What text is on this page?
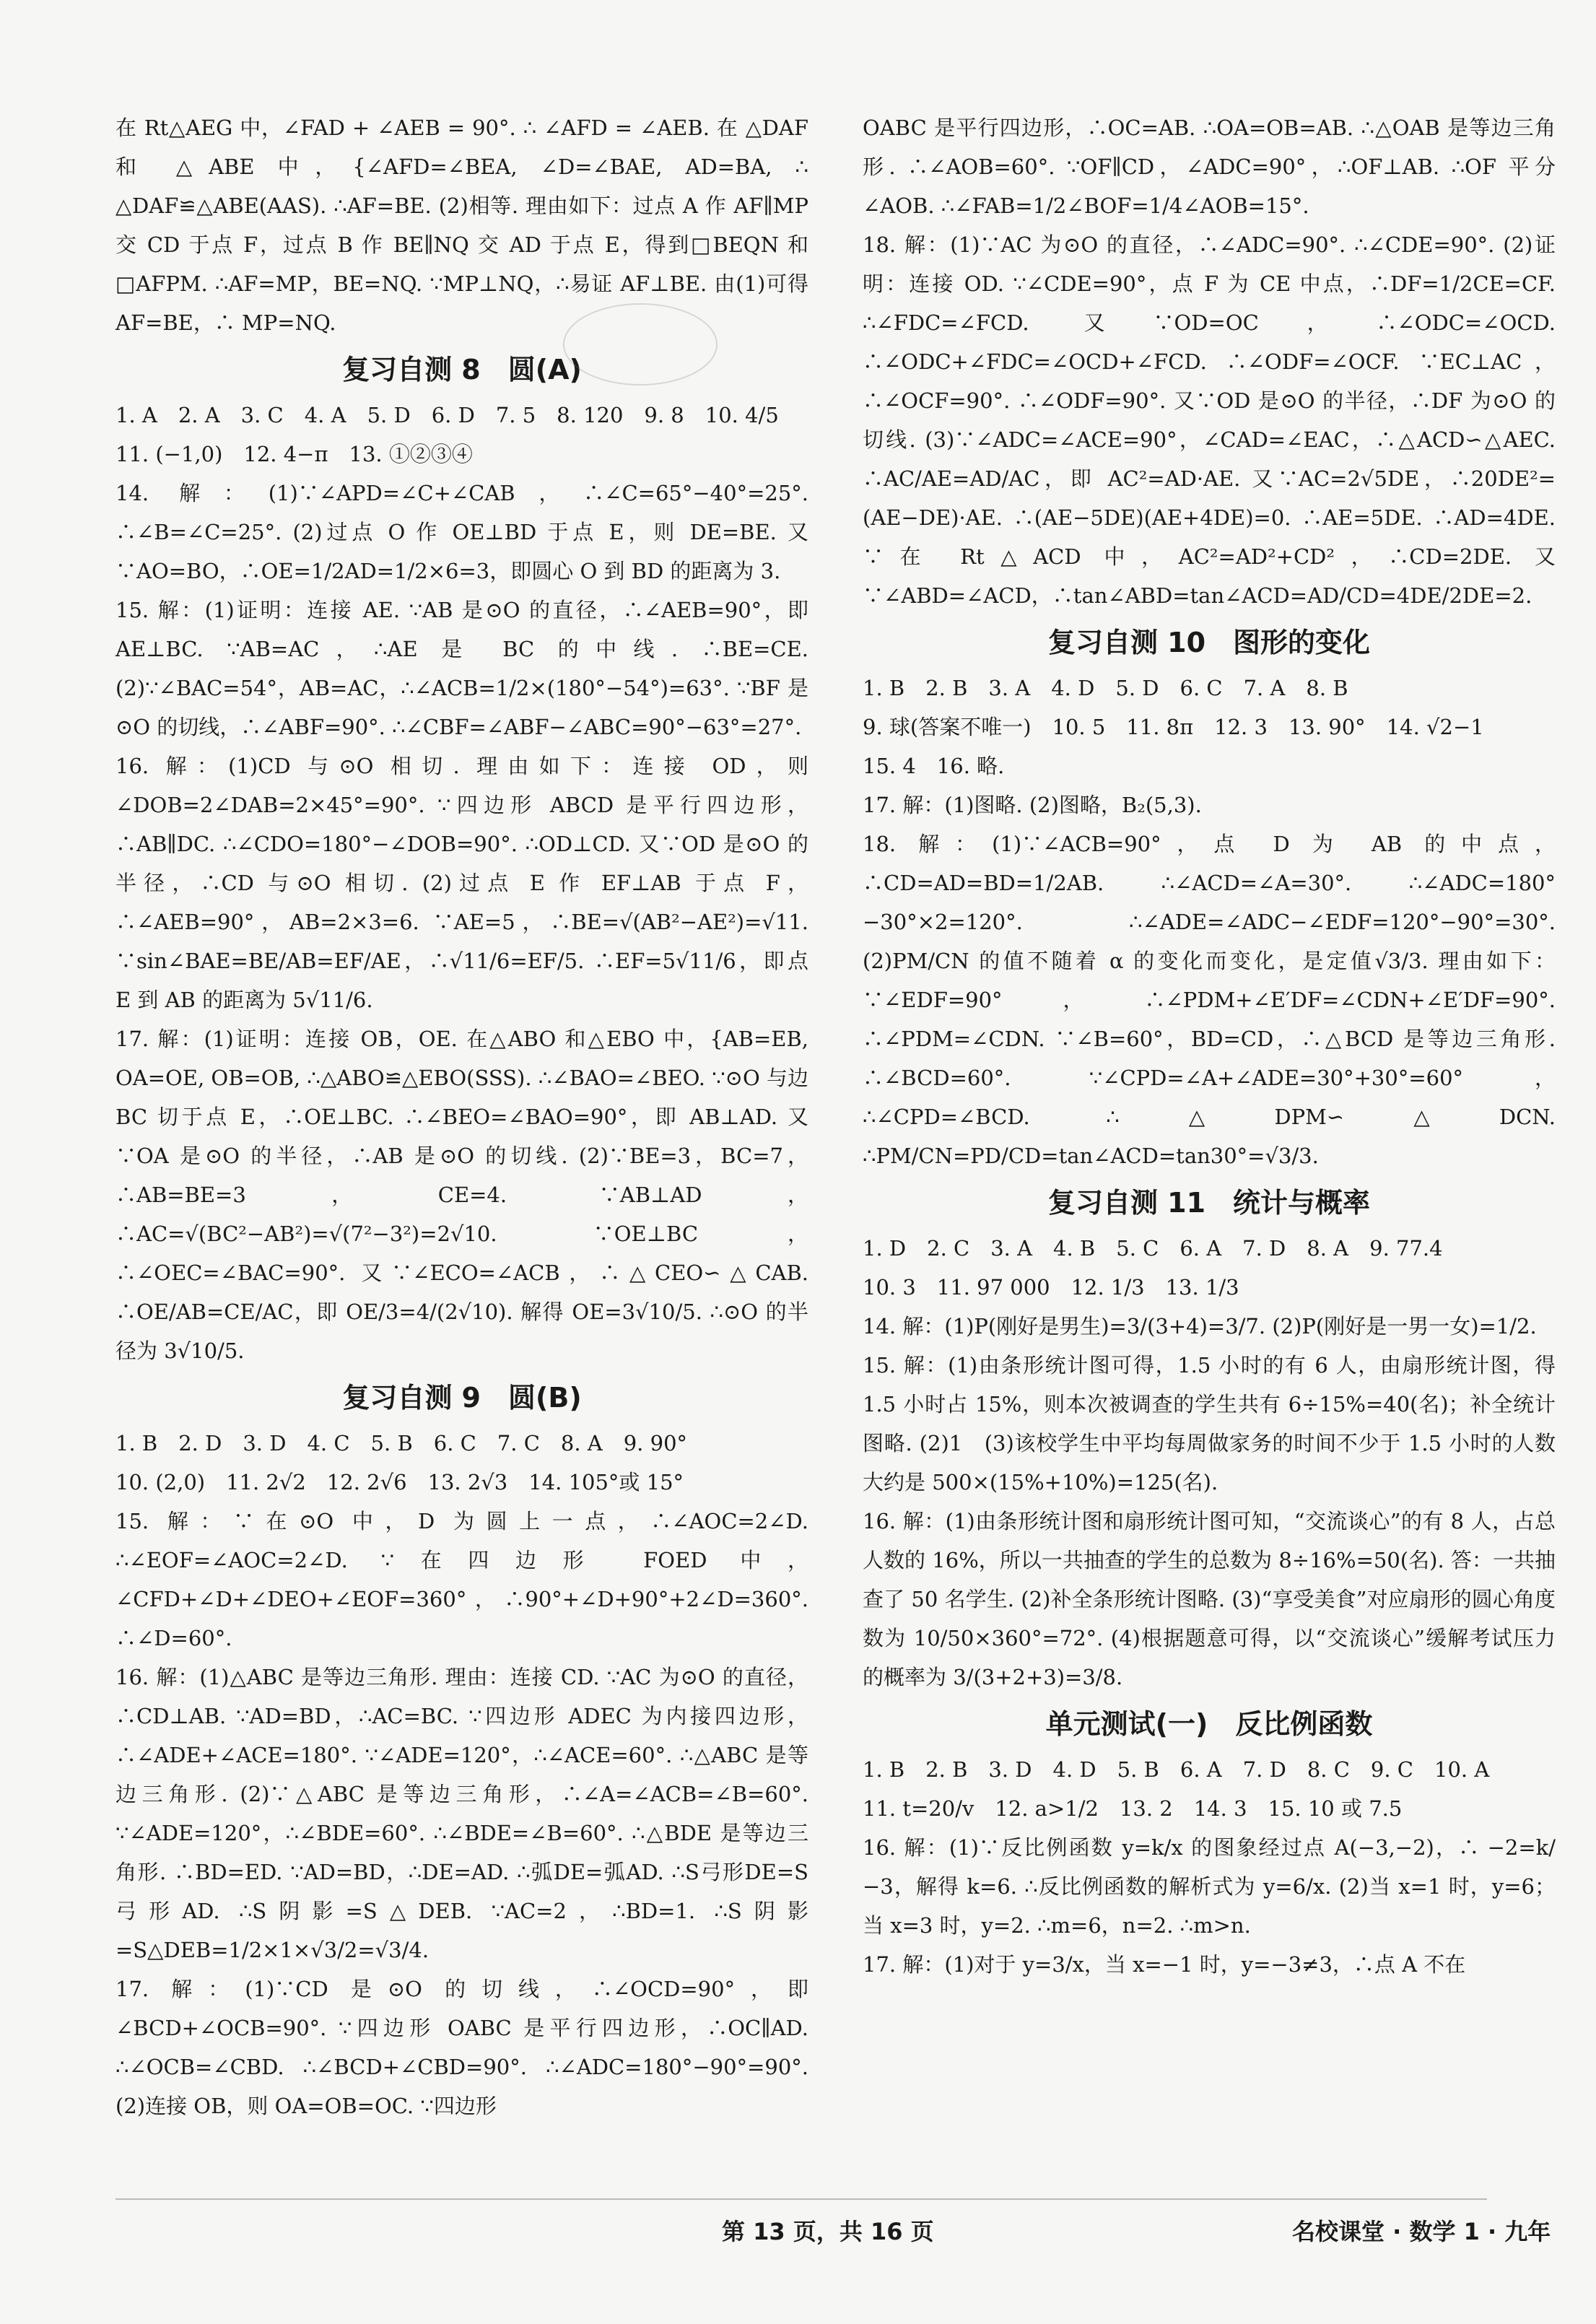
在 Rt△AEG 中，∠FAD + ∠AEB = 90°. ∴ ∠AFD = ∠AEB. 在 △DAF 和 △ABE 中，{∠AFD=∠BEA, ∠D=∠BAE, AD=BA, ∴ △DAF≌△ABE(AAS). ∴AF=BE. (2)相等. 理由如下：过点 A 作 AF∥MP 交 CD 于点 F，过点 B 作 BE∥NQ 交 AD 于点 E，得到□BEQN 和□AFPM. ∴AF=MP，BE=NQ. ∵MP⊥NQ，∴易证 AF⊥BE. 由(1)可得 AF=BE，∴ MP=NQ.

复习自测 8　圆(A)

1. A　2. A　3. C　4. A　5. D　6. D　7. 5　8. 120　9. 8　10. 4/5

11. (−1,0)　12. 4−π　13. ①②③④

14. 解：(1)∵∠APD=∠C+∠CAB，∴∠C=65°−40°=25°. ∴∠B=∠C=25°. (2)过点 O 作 OE⊥BD 于点 E，则 DE=BE. 又∵AO=BO，∴OE=1/2AD=1/2×6=3，即圆心 O 到 BD 的距离为 3.

15. 解：(1)证明：连接 AE. ∵AB 是⊙O 的直径，∴∠AEB=90°，即 AE⊥BC. ∵AB=AC，∴AE 是 BC 的中线. ∴BE=CE. (2)∵∠BAC=54°，AB=AC，∴∠ACB=1/2×(180°−54°)=63°. ∵BF 是⊙O 的切线，∴∠ABF=90°. ∴∠CBF=∠ABF−∠ABC=90°−63°=27°.

16. 解：(1)CD 与⊙O 相切. 理由如下：连接 OD，则∠DOB=2∠DAB=2×45°=90°. ∵四边形 ABCD 是平行四边形，∴AB∥DC. ∴∠CDO=180°−∠DOB=90°. ∴OD⊥CD. 又∵OD 是⊙O 的半径，∴CD 与⊙O 相切. (2)过点 E 作 EF⊥AB 于点 F，∴∠AEB=90°，AB=2×3=6. ∵AE=5，∴BE=√(AB²−AE²)=√11. ∵sin∠BAE=BE/AB=EF/AE，∴√11/6=EF/5. ∴EF=5√11/6，即点 E 到 AB 的距离为 5√11/6.

17. 解：(1)证明：连接 OB，OE. 在△ABO 和△EBO 中，{AB=EB, OA=OE, OB=OB, ∴△ABO≌△EBO(SSS). ∴∠BAO=∠BEO. ∵⊙O 与边 BC 切于点 E，∴OE⊥BC. ∴∠BEO=∠BAO=90°，即 AB⊥AD. 又∵OA 是⊙O 的半径，∴AB 是⊙O 的切线. (2)∵BE=3，BC=7，∴AB=BE=3，CE=4. ∵AB⊥AD，∴AC=√(BC²−AB²)=√(7²−3²)=2√10. ∵OE⊥BC，∴∠OEC=∠BAC=90°. 又∵∠ECO=∠ACB，∴△CEO∽△CAB. ∴OE/AB=CE/AC，即 OE/3=4/(2√10). 解得 OE=3√10/5. ∴⊙O 的半径为 3√10/5.

复习自测 9　圆(B)

1. B　2. D　3. D　4. C　5. B　6. C　7. C　8. A　9. 90°

10. (2,0)　11. 2√2　12. 2√6　13. 2√3　14. 105°或 15°

15. 解：∵在⊙O 中，D 为圆上一点，∴∠AOC=2∠D. ∴∠EOF=∠AOC=2∠D. ∵在四边形 FOED 中，∠CFD+∠D+∠DEO+∠EOF=360°，∴90°+∠D+90°+2∠D=360°. ∴∠D=60°.

16. 解：(1)△ABC 是等边三角形. 理由：连接 CD. ∵AC 为⊙O 的直径，∴CD⊥AB. ∵AD=BD，∴AC=BC. ∵四边形 ADEC 为内接四边形，∴∠ADE+∠ACE=180°. ∵∠ADE=120°，∴∠ACE=60°. ∴△ABC 是等边三角形. (2)∵△ABC 是等边三角形，∴∠A=∠ACB=∠B=60°. ∵∠ADE=120°，∴∠BDE=60°. ∴∠BDE=∠B=60°. ∴△BDE 是等边三角形. ∴BD=ED. ∵AD=BD，∴DE=AD. ∴弧DE=弧AD. ∴S弓形DE=S弓形AD. ∴S阴影=S△DEB. ∵AC=2，∴BD=1. ∴S阴影=S△DEB=1/2×1×√3/2=√3/4.

17. 解：(1)∵CD 是⊙O 的切线，∴∠OCD=90°，即∠BCD+∠OCB=90°. ∵四边形 OABC 是平行四边形，∴OC∥AD. ∴∠OCB=∠CBD. ∴∠BCD+∠CBD=90°. ∴∠ADC=180°−90°=90°. (2)连接 OB，则 OA=OB=OC. ∵四边形

OABC 是平行四边形，∴OC=AB. ∴OA=OB=AB. ∴△OAB 是等边三角形. ∴∠AOB=60°. ∵OF∥CD，∠ADC=90°，∴OF⊥AB. ∴OF 平分∠AOB. ∴∠FAB=1/2∠BOF=1/4∠AOB=15°.

18. 解：(1)∵AC 为⊙O 的直径，∴∠ADC=90°. ∴∠CDE=90°. (2)证明：连接 OD. ∵∠CDE=90°，点 F 为 CE 中点，∴DF=1/2CE=CF. ∴∠FDC=∠FCD. 又∵OD=OC，∴∠ODC=∠OCD. ∴∠ODC+∠FDC=∠OCD+∠FCD. ∴∠ODF=∠OCF. ∵EC⊥AC，∴∠OCF=90°. ∴∠ODF=90°. 又∵OD 是⊙O 的半径，∴DF 为⊙O 的切线. (3)∵∠ADC=∠ACE=90°，∠CAD=∠EAC，∴△ACD∽△AEC. ∴AC/AE=AD/AC，即 AC²=AD·AE. 又∵AC=2√5DE，∴20DE²=(AE−DE)·AE. ∴(AE−5DE)(AE+4DE)=0. ∴AE=5DE. ∴AD=4DE. ∵在 Rt△ACD 中，AC²=AD²+CD²，∴CD=2DE. 又∵∠ABD=∠ACD，∴tan∠ABD=tan∠ACD=AD/CD=4DE/2DE=2.

复习自测 10　图形的变化

1. B　2. B　3. A　4. D　5. D　6. C　7. A　8. B

9. 球(答案不唯一)　10. 5　11. 8π　12. 3　13. 90°　14. √2−1

15. 4　16. 略.

17. 解：(1)图略. (2)图略，B₂(5,3).

18. 解：(1)∵∠ACB=90°，点 D 为 AB 的中点，∴CD=AD=BD=1/2AB. ∴∠ACD=∠A=30°. ∴∠ADC=180°−30°×2=120°. ∴∠ADE=∠ADC−∠EDF=120°−90°=30°. (2)PM/CN 的值不随着 α 的变化而变化，是定值√3/3. 理由如下：∵∠EDF=90°，∴∠PDM+∠E′DF=∠CDN+∠E′DF=90°. ∴∠PDM=∠CDN. ∵∠B=60°，BD=CD，∴△BCD 是等边三角形. ∴∠BCD=60°. ∵∠CPD=∠A+∠ADE=30°+30°=60°，∴∠CPD=∠BCD. ∴△DPM∽△DCN. ∴PM/CN=PD/CD=tan∠ACD=tan30°=√3/3.

复习自测 11　统计与概率

1. D　2. C　3. A　4. B　5. C　6. A　7. D　8. A　9. 77.4

10. 3　11. 97 000　12. 1/3　13. 1/3

14. 解：(1)P(刚好是男生)=3/(3+4)=3/7. (2)P(刚好是一男一女)=1/2.

15. 解：(1)由条形统计图可得，1.5 小时的有 6 人，由扇形统计图，得 1.5 小时占 15%，则本次被调查的学生共有 6÷15%=40(名)；补全统计图略. (2)1　(3)该校学生中平均每周做家务的时间不少于 1.5 小时的人数大约是 500×(15%+10%)=125(名).

16. 解：(1)由条形统计图和扇形统计图可知，“交流谈心”的有 8 人，占总人数的 16%，所以一共抽查的学生的总数为 8÷16%=50(名). 答：一共抽查了 50 名学生. (2)补全条形统计图略. (3)“享受美食”对应扇形的圆心角度数为 10/50×360°=72°. (4)根据题意可得，以“交流谈心”缓解考试压力的概率为 3/(3+2+3)=3/8.

单元测试(一)　反比例函数

1. B　2. B　3. D　4. D　5. B　6. A　7. D　8. C　9. C　10. A

11. t=20/v　12. a>1/2　13. 2　14. 3　15. 10 或 7.5

16. 解：(1)∵反比例函数 y=k/x 的图象经过点 A(−3,−2)，∴ −2=k/−3，解得 k=6. ∴反比例函数的解析式为 y=6/x. (2)当 x=1 时，y=6；当 x=3 时，y=2. ∴m=6，n=2. ∴m>n.

17. 解：(1)对于 y=3/x，当 x=−1 时，y=−3≠3，∴点 A 不在

第 13 页，共 16 页	名校课堂 · 数学 1 · 九年
